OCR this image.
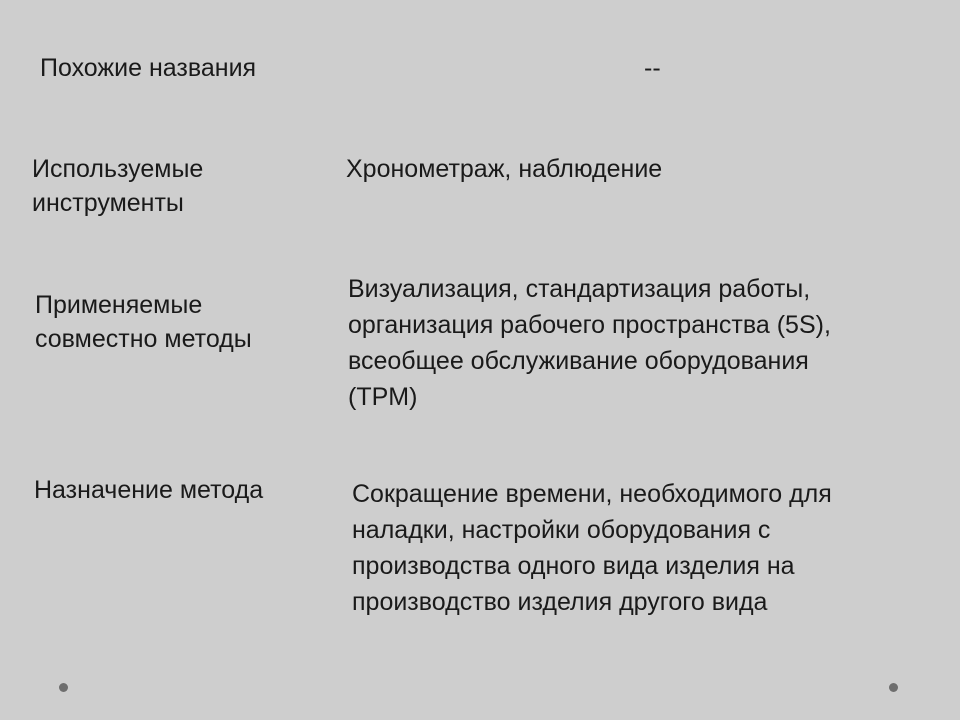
Похожие названия	--

Используемые
инструменты

Хронометраж, наблюдение

Применяемые
совместно методы

Визуализация, стандартизация работы,
организация рабочего пространства (5S),
всеобщее обслуживание оборудования
(TPM)

Назначение метода	Сокращение времени, необходимого для
наладки, настройки оборудования с
производства одного вида изделия на
производство изделия другого вида
